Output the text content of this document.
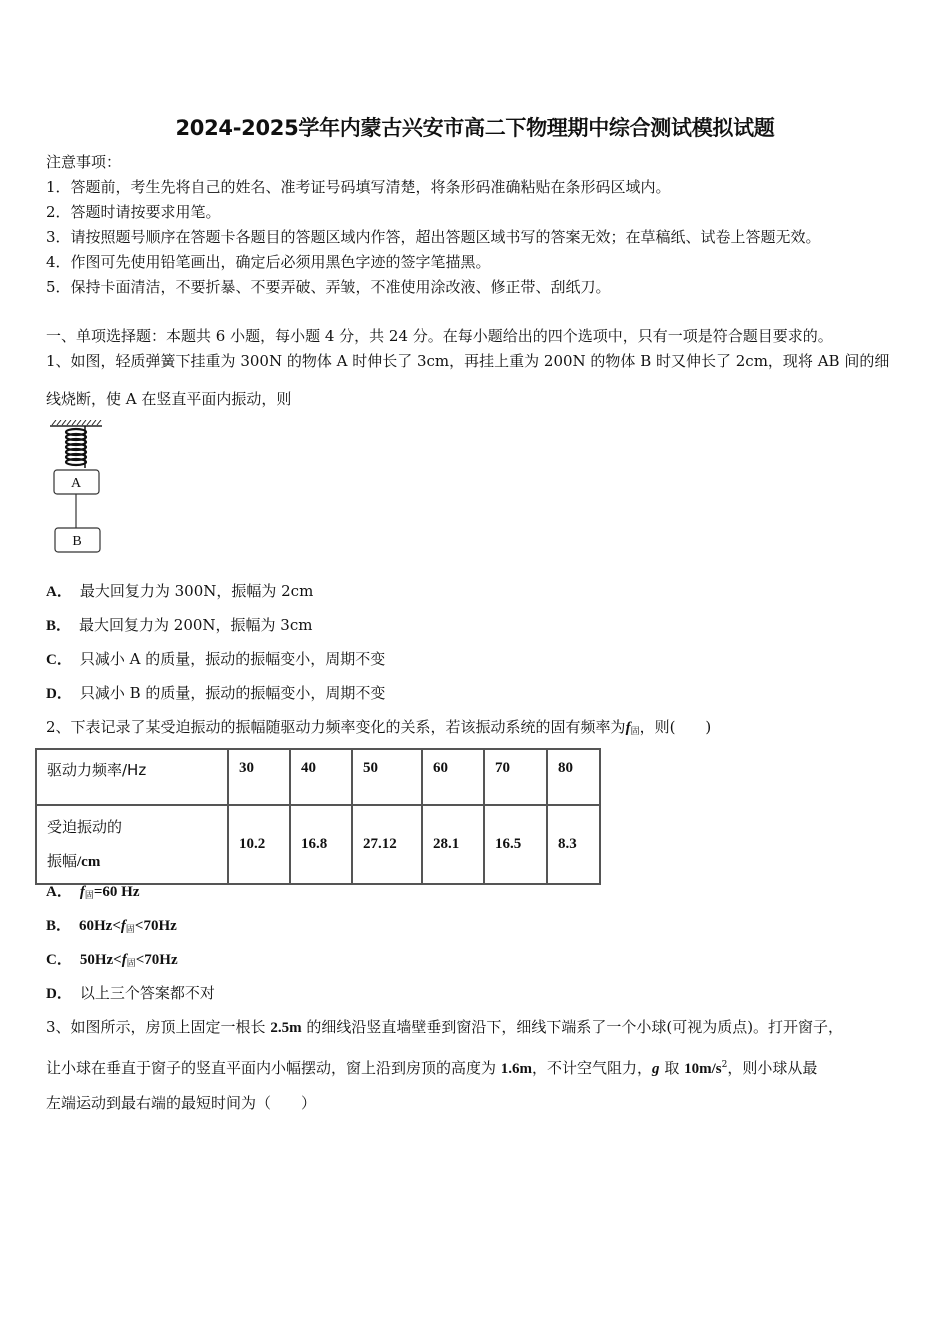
2024-2025学年内蒙古兴安市高二下物理期中综合测试模拟试题
注意事项：
1．答题前，考生先将自己的姓名、准考证号码填写清楚，将条形码准确粘贴在条形码区域内。
2．答题时请按要求用笔。
3．请按照题号顺序在答题卡各题目的答题区域内作答，超出答题区域书写的答案无效；在草稿纸、试卷上答题无效。
4．作图可先使用铅笔画出，确定后必须用黑色字迹的签字笔描黑。
5．保持卡面清洁，不要折暴、不要弄破、弄皱，不准使用涂改液、修正带、刮纸刀。
一、单项选择题：本题共 6 小题，每小题 4 分，共 24 分。在每小题给出的四个选项中，只有一项是符合题目要求的。
1、如图，轻质弹簧下挂重为 300N 的物体 A 时伸长了 3cm，再挂上重为 200N 的物体 B 时又伸长了 2cm，现将 AB 间的细
线烧断，使 A 在竖直平面内振动，则
A
B
A． 最大回复力为 300N，振幅为 2cm
B． 最大回复力为 200N，振幅为 3cm
C． 只减小 A 的质量，振动的振幅变小，周期不变
D． 只减小 B 的质量，振动的振幅变小，周期不变
2、下表记录了某受迫振动的振幅随驱动力频率变化的关系，若该振动系统的固有频率为$f_固$，则(　　)
驱动力频率/Hz	30	40	50	60	70	80

受迫振动的
振幅/cm	10.2	16.8	27.12	28.1	16.5	8.3
A． $f_固=60$ Hz
B． $60Hz<f_固<70Hz$
C． $50Hz<f_固<70Hz$
D． 以上三个答案都不对
3、如图所示，房顶上固定一根长 2.5m 的细线沿竖直墙壁垂到窗沿下，细线下端系了一个小球(可视为质点)。打开窗子，
让小球在垂直于窗子的竖直平面内小幅摆动，窗上沿到房顶的高度为 1.6m，不计空气阻力，g 取 $10m/s^2$，则小球从最
左端运动到最右端的最短时间为（　　）
